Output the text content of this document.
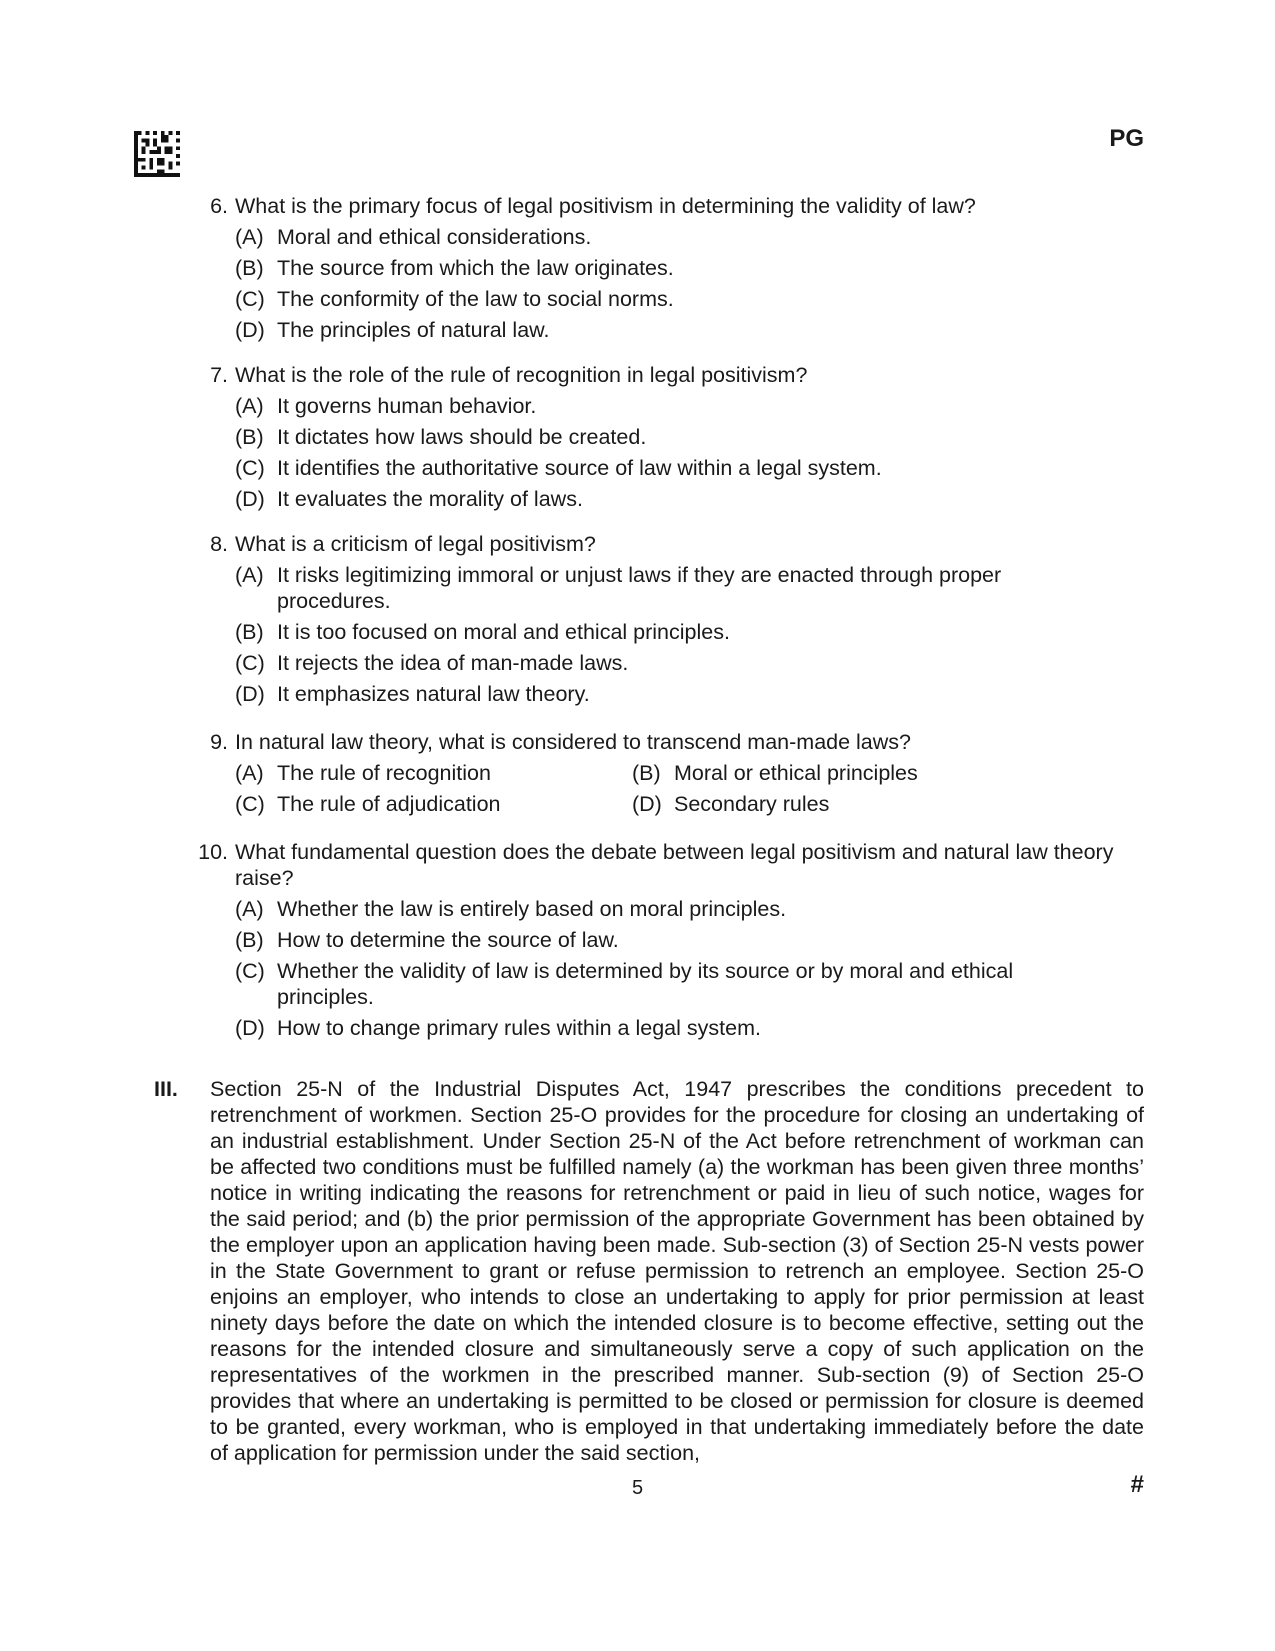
PG
6. What is the primary focus of legal positivism in determining the validity of law?
(A) Moral and ethical considerations.
(B) The source from which the law originates.
(C) The conformity of the law to social norms.
(D) The principles of natural law.
7. What is the role of the rule of recognition in legal positivism?
(A) It governs human behavior.
(B) It dictates how laws should be created.
(C) It identifies the authoritative source of law within a legal system.
(D) It evaluates the morality of laws.
8. What is a criticism of legal positivism?
(A) It risks legitimizing immoral or unjust laws if they are enacted through proper procedures.
(B) It is too focused on moral and ethical principles.
(C) It rejects the idea of man-made laws.
(D) It emphasizes natural law theory.
9. In natural law theory, what is considered to transcend man-made laws?
(A) The rule of recognition	(B) Moral or ethical principles
(C) The rule of adjudication	(D) Secondary rules
10. What fundamental question does the debate between legal positivism and natural law theory raise?
(A) Whether the law is entirely based on moral principles.
(B) How to determine the source of law.
(C) Whether the validity of law is determined by its source or by moral and ethical principles.
(D) How to change primary rules within a legal system.
III.	Section 25-N of the Industrial Disputes Act, 1947 prescribes the conditions precedent to retrenchment of workmen. Section 25-O provides for the procedure for closing an undertaking of an industrial establishment. Under Section 25-N of the Act before retrenchment of workman can be affected two conditions must be fulfilled namely (a) the workman has been given three months’ notice in writing indicating the reasons for retrenchment or paid in lieu of such notice, wages for the said period; and (b) the prior permission of the appropriate Government has been obtained by the employer upon an application having been made. Sub-section (3) of Section 25-N vests power in the State Government to grant or refuse permission to retrench an employee. Section 25-O enjoins an employer, who intends to close an undertaking to apply for prior permission at least ninety days before the date on which the intended closure is to become effective, setting out the reasons for the intended closure and simultaneously serve a copy of such application on the representatives of the workmen in the prescribed manner. Sub-section (9) of Section 25-O provides that where an undertaking is permitted to be closed or permission for closure is deemed to be granted, every workman, who is employed in that undertaking immediately before the date of application for permission under the said section,
5	#
